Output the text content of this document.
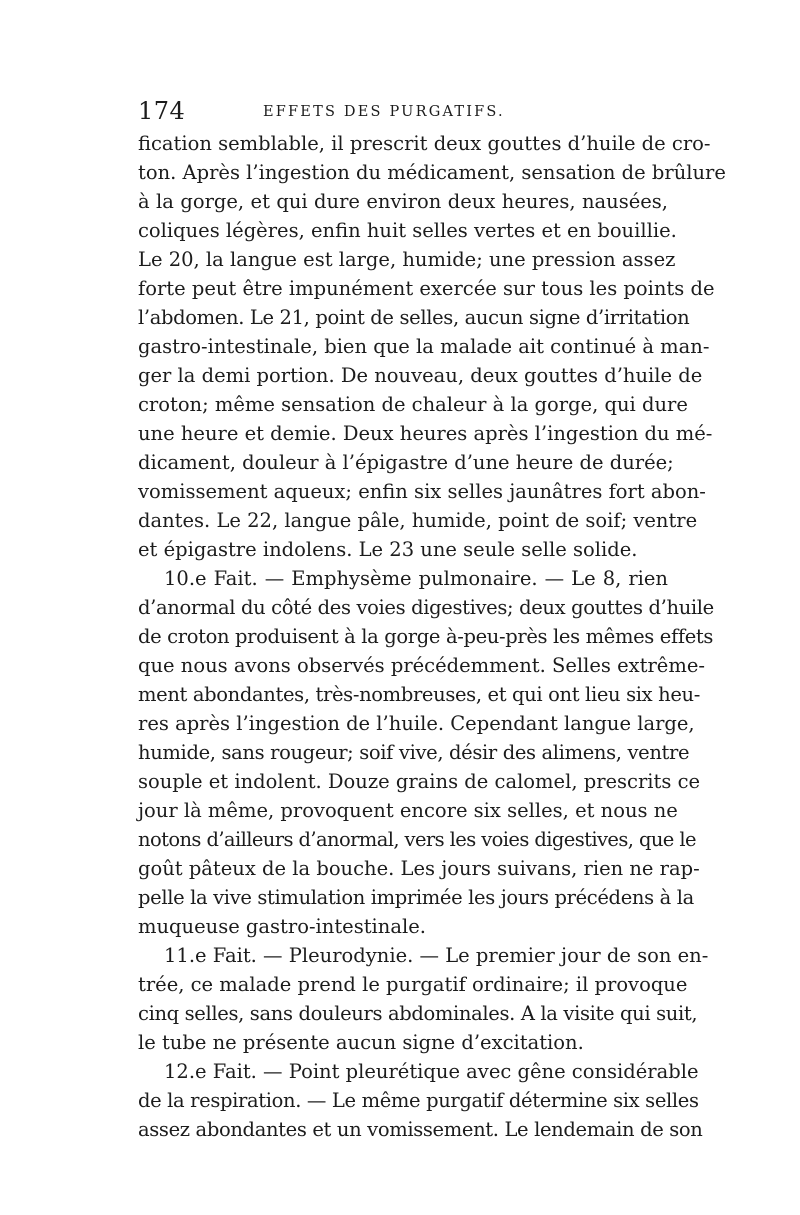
174	EFFETS DES PURGATIFS.
fication semblable, il prescrit deux gouttes d’huile de cro-
ton. Après l’ingestion du médicament, sensation de brûlure
à la gorge, et qui dure environ deux heures, nausées,
coliques légères, enfin huit selles vertes et en bouillie.
Le 20, la langue est large, humide; une pression assez
forte peut être impunément exercée sur tous les points de
l’abdomen. Le 21, point de selles, aucun signe d’irritation
gastro-intestinale, bien que la malade ait continué à man-
ger la demi portion. De nouveau, deux gouttes d’huile de
croton; même sensation de chaleur à la gorge, qui dure
une heure et demie. Deux heures après l’ingestion du mé-
dicament, douleur à l’épigastre d’une heure de durée;
vomissement aqueux; enfin six selles jaunâtres fort abon-
dantes. Le 22, langue pâle, humide, point de soif; ventre
et épigastre indolens. Le 23 une seule selle solide.
10.e Fait. — Emphysème pulmonaire. — Le 8, rien
d’anormal du côté des voies digestives; deux gouttes d’huile
de croton produisent à la gorge à-peu-près les mêmes effets
que nous avons observés précédemment. Selles extrême-
ment abondantes, très-nombreuses, et qui ont lieu six heu-
res après l’ingestion de l’huile. Cependant langue large,
humide, sans rougeur; soif vive, désir des alimens, ventre
souple et indolent. Douze grains de calomel, prescrits ce
jour là même, provoquent encore six selles, et nous ne
notons d’ailleurs d’anormal, vers les voies digestives, que le
goût pâteux de la bouche. Les jours suivans, rien ne rap-
pelle la vive stimulation imprimée les jours précédens à la
muqueuse gastro-intestinale.
11.e Fait. — Pleurodynie. — Le premier jour de son en-
trée, ce malade prend le purgatif ordinaire; il provoque
cinq selles, sans douleurs abdominales. A la visite qui suit,
le tube ne présente aucun signe d’excitation.
12.e Fait. — Point pleurétique avec gêne considérable
de la respiration. — Le même purgatif détermine six selles
assez abondantes et un vomissement. Le lendemain de son
